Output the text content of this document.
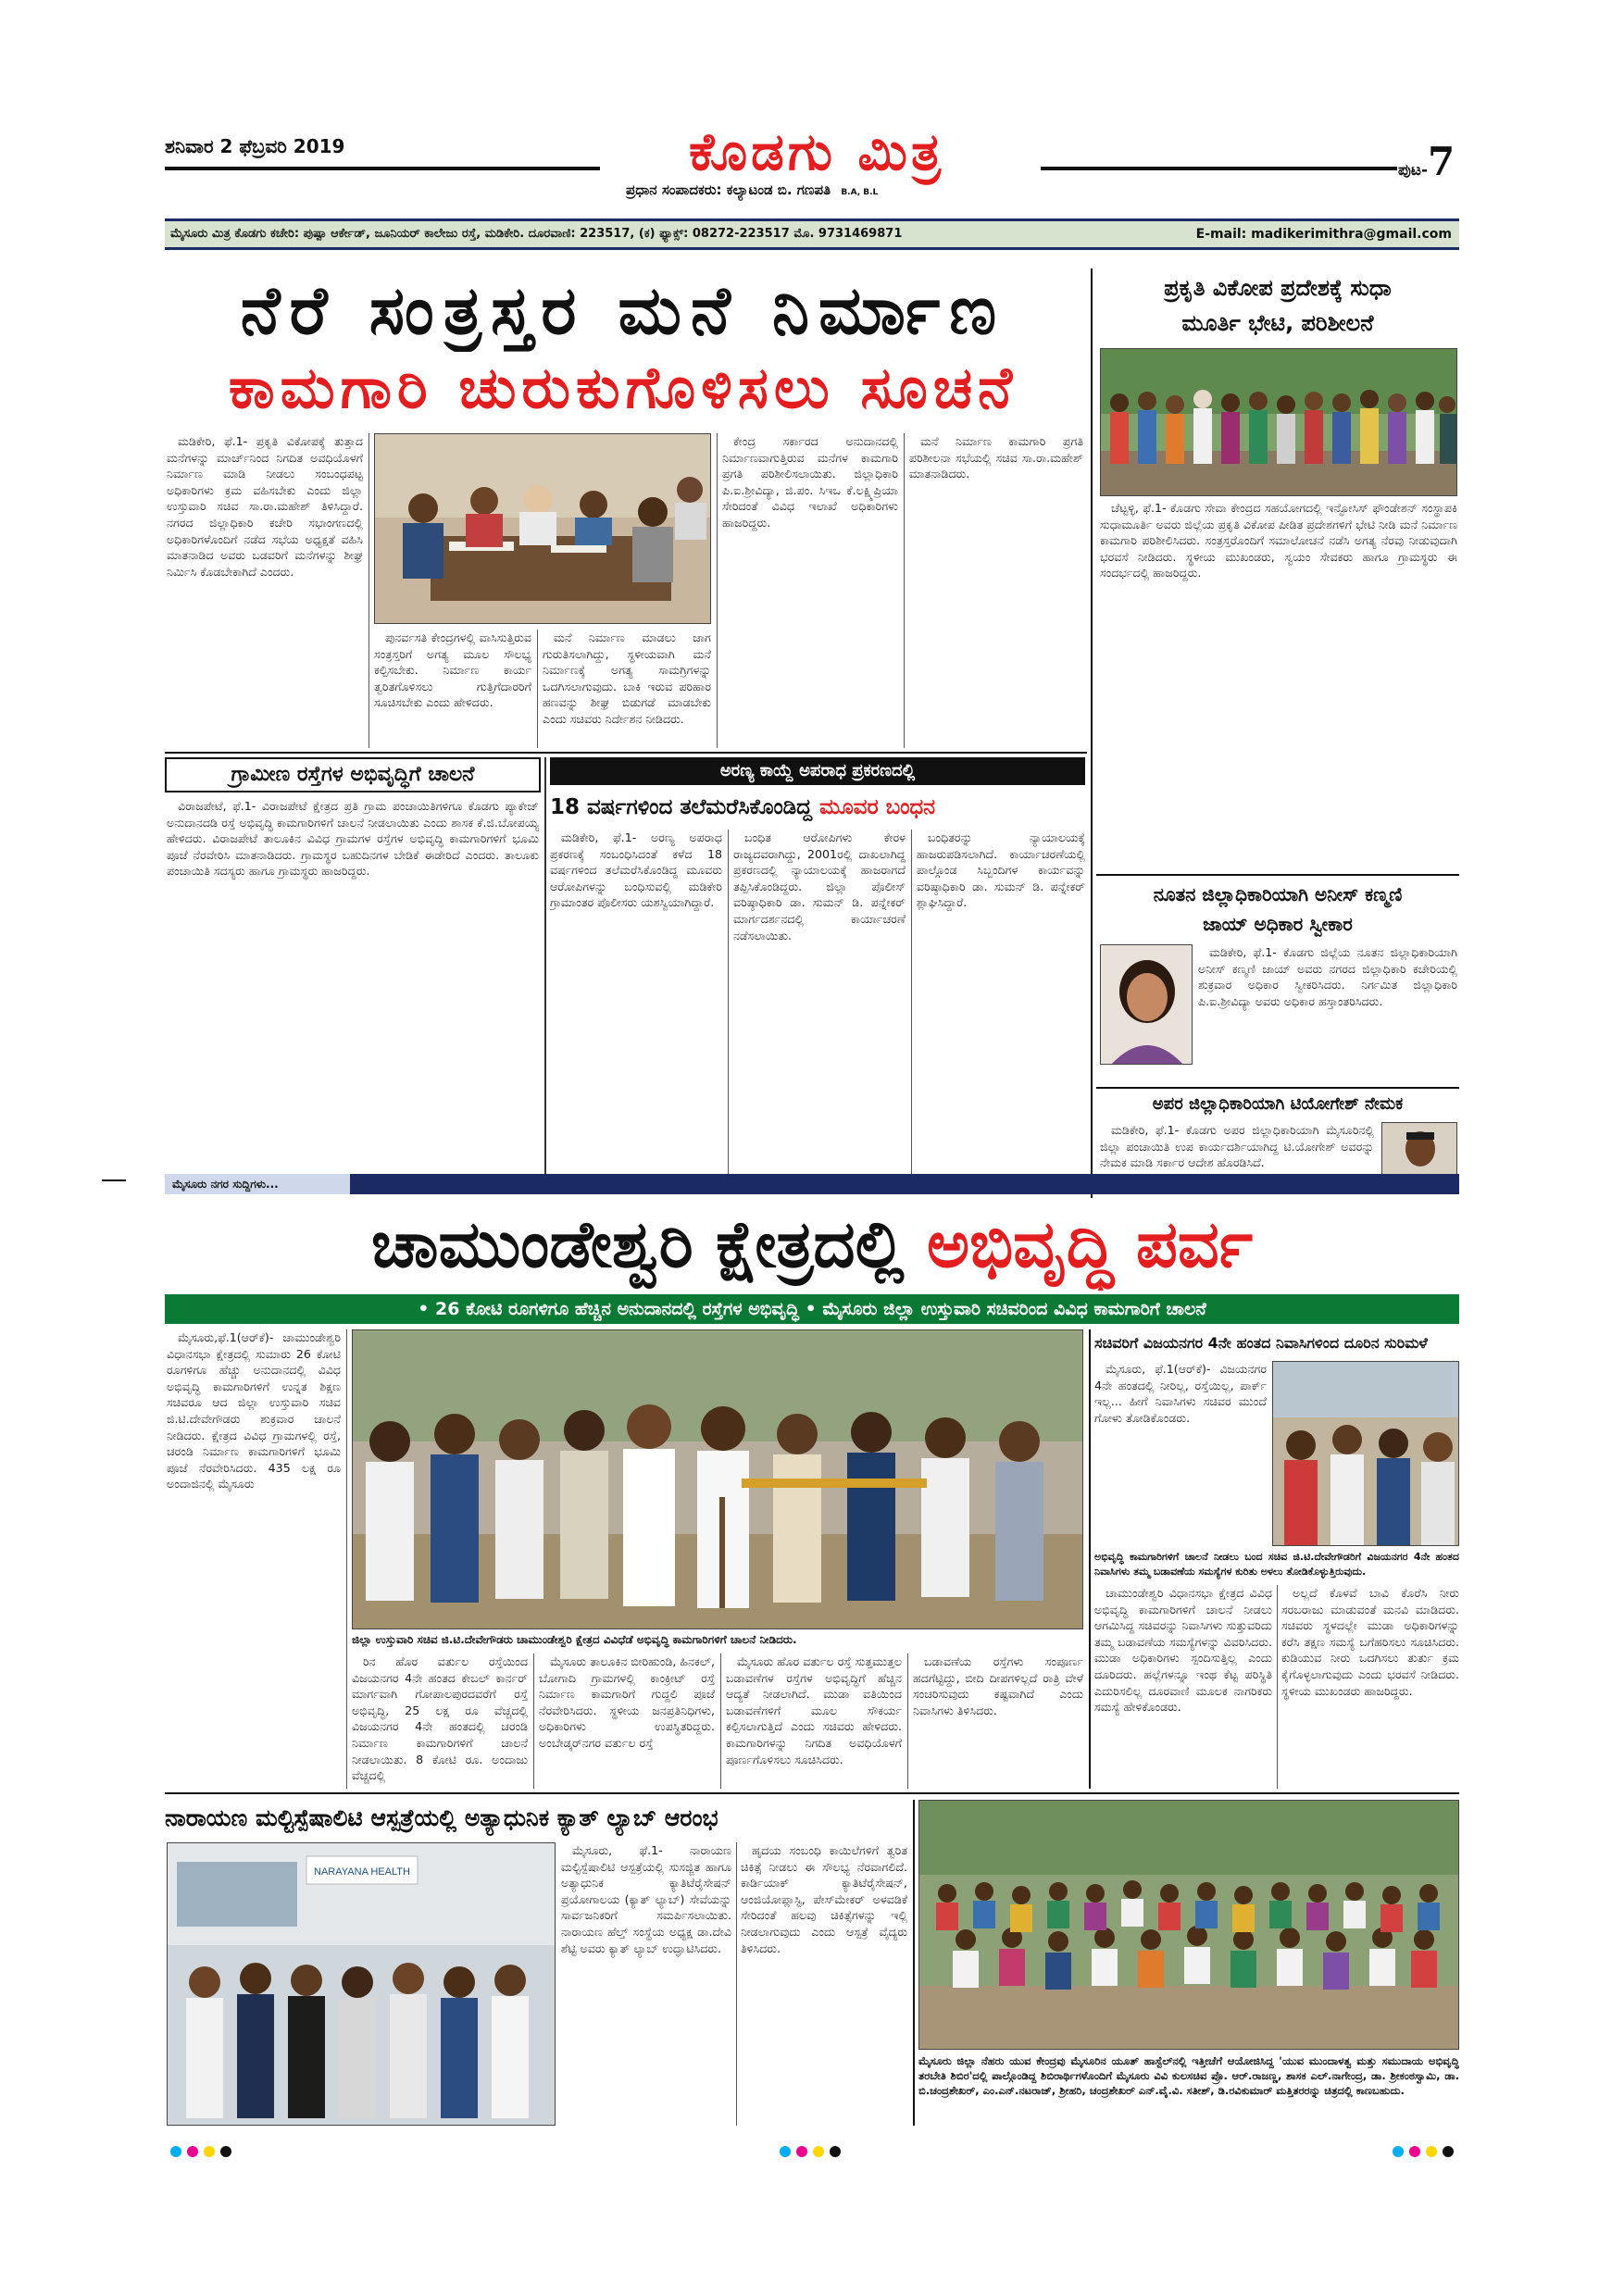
ಶನಿವಾರ 2 ಫೆಬ್ರವರಿ 2019	ಕೊಡಗು ಮಿತ್ರ
ಪ್ರಧಾನ ಸಂಪಾದಕರು: ಕಲ್ಯಾಟಂಡ ಬಿ. ಗಣಪತಿ B.A, B.L
ಪುಟ-7
ಮೈಸೂರು ಮಿತ್ರ ಕೊಡಗು ಕಚೇರಿ: ಪುಷ್ಪಾ ಆರ್ಕೇಡ್, ಜೂನಿಯರ್ ಕಾಲೇಜು ರಸ್ತೆ, ಮಡಿಕೇರಿ. ದೂರವಾಣಿ: 223517, (ಕ) ಫ್ಯಾಕ್ಸ್: 08272-223517 ಮೊ. 9731469871	E-mail: madikerimithra@gmail.com
ನೆರೆ ಸಂತ್ರಸ್ತರ ಮನೆ ನಿರ್ಮಾಣ
ಕಾಮಗಾರಿ ಚುರುಕುಗೊಳಿಸಲು ಸೂಚನೆ

ಮಡಿಕೇರಿ, ಫೆ.1- ಪ್ರಕೃತಿ ವಿಕೋಪಕ್ಕೆ ತುತ್ತಾದ ಮನೆಗಳನ್ನು ಮಾರ್ಚ್‌ನಿಂದ ನಿಗದಿತ ಅವಧಿಯೊಳಗೆ ನಿರ್ಮಾಣ ಮಾಡಿ ನೀಡಲು ಸಂಬಂಧಪಟ್ಟ ಅಧಿಕಾರಿಗಳು ಕ್ರಮ ವಹಿಸಬೇಕು ಎಂದು ಜಿಲ್ಲಾ ಉಸ್ತುವಾರಿ ಸಚಿವ ಸಾ.ರಾ.ಮಹೇಶ್ ತಿಳಿಸಿದ್ದಾರೆ. ನಗರದ ಜಿಲ್ಲಾಧಿಕಾರಿ ಕಚೇರಿ ಸಭಾಂಗಣದಲ್ಲಿ ಅಧಿಕಾರಿಗಳೊಂದಿಗೆ ನಡೆದ ಸಭೆಯ ಅಧ್ಯಕ್ಷತೆ ವಹಿಸಿ ಮಾತನಾಡಿದ ಅವರು ಬಡವರಿಗೆ ಮನೆಗಳನ್ನು ಶೀಘ್ರ ನಿರ್ಮಿಸಿ ಕೊಡಬೇಕಾಗಿದೆ ಎಂದರು.

ಪುನರ್ವಸತಿ ಕೇಂದ್ರಗಳಲ್ಲಿ ವಾಸಿಸುತ್ತಿರುವ ಸಂತ್ರಸ್ತರಿಗೆ ಅಗತ್ಯ ಮೂಲ ಸೌಲಭ್ಯ ಕಲ್ಪಿಸಬೇಕು. ನಿರ್ಮಾಣ ಕಾರ್ಯ ತ್ವರಿತಗೊಳಿಸಲು ಗುತ್ತಿಗೆದಾರರಿಗೆ ಸೂಚಿಸಬೇಕು ಎಂದು ಹೇಳಿದರು.

ಮನೆ ನಿರ್ಮಾಣ ಮಾಡಲು ಜಾಗ ಗುರುತಿಸಲಾಗಿದ್ದು, ಸ್ಥಳೀಯವಾಗಿ ಮನೆ ನಿರ್ಮಾಣಕ್ಕೆ ಅಗತ್ಯ ಸಾಮಗ್ರಿಗಳನ್ನು ಒದಗಿಸಲಾಗುವುದು. ಬಾಕಿ ಇರುವ ಪರಿಹಾರ ಹಣವನ್ನು ಶೀಘ್ರ ಬಿಡುಗಡೆ ಮಾಡಬೇಕು ಎಂದು ಸಚಿವರು ನಿರ್ದೇಶನ ನೀಡಿದರು.

ಕೇಂದ್ರ ಸರ್ಕಾರದ ಅನುದಾನದಲ್ಲಿ ನಿರ್ಮಾಣವಾಗುತ್ತಿರುವ ಮನೆಗಳ ಕಾಮಗಾರಿ ಪ್ರಗತಿ ಪರಿಶೀಲಿಸಲಾಯಿತು. ಜಿಲ್ಲಾಧಿಕಾರಿ ಪಿ.ಐ.ಶ್ರೀವಿದ್ಯಾ, ಜಿ.ಪಂ. ಸಿಇಒ ಕೆ.ಲಕ್ಷ್ಮಿಪ್ರಿಯಾ ಸೇರಿದಂತೆ ವಿವಿಧ ಇಲಾಖೆ ಅಧಿಕಾರಿಗಳು ಹಾಜರಿದ್ದರು.

ಮನೆ ನಿರ್ಮಾಣ ಕಾಮಗಾರಿ ಪ್ರಗತಿ ಪರಿಶೀಲನಾ ಸಭೆಯಲ್ಲಿ ಸಚಿವ ಸಾ.ರಾ.ಮಹೇಶ್ ಮಾತನಾಡಿದರು.

ಪ್ರಕೃತಿ ವಿಕೋಪ ಪ್ರದೇಶಕ್ಕೆ ಸುಧಾ
ಮೂರ್ತಿ ಭೇಟಿ, ಪರಿಶೀಲನೆ

ಚೆಟ್ಟಳ್ಳಿ, ಫೆ.1- ಕೊಡಗು ಸೇವಾ ಕೇಂದ್ರದ ಸಹಯೋಗದಲ್ಲಿ ಇನ್ಫೋಸಿಸ್ ಫೌಂಡೇಶನ್ ಸಂಸ್ಥಾಪಕಿ ಸುಧಾಮೂರ್ತಿ ಅವರು ಜಿಲ್ಲೆಯ ಪ್ರಕೃತಿ ವಿಕೋಪ ಪೀಡಿತ ಪ್ರದೇಶಗಳಿಗೆ ಭೇಟಿ ನೀಡಿ ಮನೆ ನಿರ್ಮಾಣ ಕಾಮಗಾರಿ ಪರಿಶೀಲಿಸಿದರು. ಸಂತ್ರಸ್ತರೊಂದಿಗೆ ಸಮಾಲೋಚನೆ ನಡೆಸಿ ಅಗತ್ಯ ನೆರವು ನೀಡುವುದಾಗಿ ಭರವಸೆ ನೀಡಿದರು. ಸ್ಥಳೀಯ ಮುಖಂಡರು, ಸ್ವಯಂ ಸೇವಕರು ಹಾಗೂ ಗ್ರಾಮಸ್ಥರು ಈ ಸಂದರ್ಭದಲ್ಲಿ ಹಾಜರಿದ್ದರು.

ಗ್ರಾಮೀಣ ರಸ್ತೆಗಳ ಅಭಿವೃದ್ಧಿಗೆ ಚಾಲನೆ

ವಿರಾಜಪೇಟೆ, ಫೆ.1- ವಿರಾಜಪೇಟೆ ಕ್ಷೇತ್ರದ ಪ್ರತಿ ಗ್ರಾಮ ಪಂಚಾಯಿತಿಗಳಿಗೂ ಕೊಡಗು ಪ್ಯಾಕೇಜ್ ಅನುದಾನದಡಿ ರಸ್ತೆ ಅಭಿವೃದ್ಧಿ ಕಾಮಗಾರಿಗಳಿಗೆ ಚಾಲನೆ ನೀಡಲಾಯಿತು ಎಂದು ಶಾಸಕ ಕೆ.ಜಿ.ಬೋಪಯ್ಯ ಹೇಳಿದರು. ವಿರಾಜಪೇಟೆ ತಾಲೂಕಿನ ವಿವಿಧ ಗ್ರಾಮಗಳ ರಸ್ತೆಗಳ ಅಭಿವೃದ್ಧಿ ಕಾಮಗಾರಿಗಳಿಗೆ ಭೂಮಿ ಪೂಜೆ ನೆರವೇರಿಸಿ ಮಾತನಾಡಿದರು. ಗ್ರಾಮಸ್ಥರ ಬಹುದಿನಗಳ ಬೇಡಿಕೆ ಈಡೇರಿದೆ ಎಂದರು. ತಾಲೂಕು ಪಂಚಾಯಿತಿ ಸದಸ್ಯರು ಹಾಗೂ ಗ್ರಾಮಸ್ಥರು ಹಾಜರಿದ್ದರು.

ಅರಣ್ಯ ಕಾಯ್ದೆ ಅಪರಾಧ ಪ್ರಕರಣದಲ್ಲಿ
18 ವರ್ಷಗಳಿಂದ ತಲೆಮರೆಸಿಕೊಂಡಿದ್ದ ಮೂವರ ಬಂಧನ

ಮಡಿಕೇರಿ, ಫೆ.1- ಅರಣ್ಯ ಅಪರಾಧ ಪ್ರಕರಣಕ್ಕೆ ಸಂಬಂಧಿಸಿದಂತೆ ಕಳೆದ 18 ವರ್ಷಗಳಿಂದ ತಲೆಮರೆಸಿಕೊಂಡಿದ್ದ ಮೂವರು ಆರೋಪಿಗಳನ್ನು ಬಂಧಿಸುವಲ್ಲಿ ಮಡಿಕೇರಿ ಗ್ರಾಮಾಂತರ ಪೊಲೀಸರು ಯಶಸ್ವಿಯಾಗಿದ್ದಾರೆ.

ಬಂಧಿತ ಆರೋಪಿಗಳು ಕೇರಳ ರಾಜ್ಯದವರಾಗಿದ್ದು, 2001ರಲ್ಲಿ ದಾಖಲಾಗಿದ್ದ ಪ್ರಕರಣದಲ್ಲಿ ನ್ಯಾಯಾಲಯಕ್ಕೆ ಹಾಜರಾಗದೆ ತಪ್ಪಿಸಿಕೊಂಡಿದ್ದರು. ಜಿಲ್ಲಾ ಪೊಲೀಸ್ ವರಿಷ್ಠಾಧಿಕಾರಿ ಡಾ. ಸುಮನ್ ಡಿ. ಪನ್ನೇಕರ್ ಮಾರ್ಗದರ್ಶನದಲ್ಲಿ ಕಾರ್ಯಾಚರಣೆ ನಡೆಸಲಾಯಿತು.

ಬಂಧಿತರನ್ನು ನ್ಯಾಯಾಲಯಕ್ಕೆ ಹಾಜರುಪಡಿಸಲಾಗಿದೆ. ಕಾರ್ಯಾಚರಣೆಯಲ್ಲಿ ಪಾಲ್ಗೊಂಡ ಸಿಬ್ಬಂದಿಗಳ ಕಾರ್ಯವನ್ನು ವರಿಷ್ಠಾಧಿಕಾರಿ ಡಾ. ಸುಮನ್ ಡಿ. ಪನ್ನೇಕರ್ ಶ್ಲಾಘಿಸಿದ್ದಾರೆ.	ನೂತನ ಜಿಲ್ಲಾಧಿಕಾರಿಯಾಗಿ ಅನೀಸ್ ಕಣ್ಮಣಿ
ಜಾಯ್ ಅಧಿಕಾರ ಸ್ವೀಕಾರ

ಮಡಿಕೇರಿ, ಫೆ.1- ಕೊಡಗು ಜಿಲ್ಲೆಯ ನೂತನ ಜಿಲ್ಲಾಧಿಕಾರಿಯಾಗಿ ಅನೀಸ್ ಕಣ್ಮಣಿ ಜಾಯ್ ಅವರು ನಗರದ ಜಿಲ್ಲಾಧಿಕಾರಿ ಕಚೇರಿಯಲ್ಲಿ ಶುಕ್ರವಾರ ಅಧಿಕಾರ ಸ್ವೀಕರಿಸಿದರು. ನಿರ್ಗಮಿತ ಜಿಲ್ಲಾಧಿಕಾರಿ ಪಿ.ಐ.ಶ್ರೀವಿದ್ಯಾ ಅವರು ಅಧಿಕಾರ ಹಸ್ತಾಂತರಿಸಿದರು.

ಅಪರ ಜಿಲ್ಲಾಧಿಕಾರಿಯಾಗಿ ಟಿಯೋಗೇಶ್ ನೇಮಕ

ಮಡಿಕೇರಿ, ಫೆ.1- ಕೊಡಗು ಅಪರ ಜಿಲ್ಲಾಧಿಕಾರಿಯಾಗಿ ಮೈಸೂರಿನಲ್ಲಿ ಜಿಲ್ಲಾ ಪಂಚಾಯಿತಿ ಉಪ ಕಾರ್ಯದರ್ಶಿಯಾಗಿದ್ದ ಟಿ.ಯೋಗೇಶ್ ಅವರನ್ನು ನೇಮಕ ಮಾಡಿ ಸರ್ಕಾರ ಆದೇಶ ಹೊರಡಿಸಿದೆ.

ಮೈಸೂರು ನಗರ ಸುದ್ದಿಗಳು...
ಚಾಮುಂಡೇಶ್ವರಿ ಕ್ಷೇತ್ರದಲ್ಲಿ ಅಭಿವೃದ್ಧಿ ಪರ್ವ
• 26 ಕೋಟಿ ರೂಗಳಿಗೂ ಹೆಚ್ಚಿನ ಅನುದಾನದಲ್ಲಿ ರಸ್ತೆಗಳ ಅಭಿವೃದ್ಧಿ • ಮೈಸೂರು ಜಿಲ್ಲಾ ಉಸ್ತುವಾರಿ ಸಚಿವರಿಂದ ವಿವಿಧ ಕಾಮಗಾರಿಗೆ ಚಾಲನೆ

ಮೈಸೂರು,ಫೆ.1(ಆರ್‌ಕೆ)- ಚಾಮುಂಡೇಶ್ವರಿ ವಿಧಾನಸಭಾ ಕ್ಷೇತ್ರದಲ್ಲಿ ಸುಮಾರು 26 ಕೋಟಿ ರೂಗಳಿಗೂ ಹೆಚ್ಚು ಅನುದಾನದಲ್ಲಿ ವಿವಿಧ ಅಭಿವೃದ್ಧಿ ಕಾಮಗಾರಿಗಳಿಗೆ ಉನ್ನತ ಶಿಕ್ಷಣ ಸಚಿವರೂ ಆದ ಜಿಲ್ಲಾ ಉಸ್ತುವಾರಿ ಸಚಿವ ಜಿ.ಟಿ.ದೇವೇಗೌಡರು ಶುಕ್ರವಾರ ಚಾಲನೆ ನೀಡಿದರು. ಕ್ಷೇತ್ರದ ವಿವಿಧ ಗ್ರಾಮಗಳಲ್ಲಿ ರಸ್ತೆ, ಚರಂಡಿ ನಿರ್ಮಾಣ ಕಾಮಗಾರಿಗಳಿಗೆ ಭೂಮಿ ಪೂಜೆ ನೆರವೇರಿಸಿದರು. 435 ಲಕ್ಷ ರೂ ಅಂದಾಜಿನಲ್ಲಿ ಮೈಸೂರು

ಜಿಲ್ಲಾ ಉಸ್ತುವಾರಿ ಸಚಿವ ಜಿ.ಟಿ.ದೇವೇಗೌಡರು ಚಾಮುಂಡೇಶ್ವರಿ ಕ್ಷೇತ್ರದ ವಿವಿಧೆಡೆ ಅಭಿವೃದ್ಧಿ ಕಾಮಗಾರಿಗಳಿಗೆ ಚಾಲನೆ ನೀಡಿದರು.

ರಿನ ಹೊರ ವರ್ತುಲ ರಸ್ತೆಯಿಂದ ವಿಜಯನಗರ 4ನೇ ಹಂತದ ಕೇಬಲ್ ಕಾರ್ನರ್ ಮಾರ್ಗವಾಗಿ ಗೋಪಾಲಪುರದವರೆಗೆ ರಸ್ತೆ ಅಭಿವೃದ್ಧಿ, 25 ಲಕ್ಷ ರೂ ವೆಚ್ಚದಲ್ಲಿ ವಿಜಯನಗರ 4ನೇ ಹಂತದಲ್ಲಿ ಚರಂಡಿ ನಿರ್ಮಾಣ ಕಾಮಗಾರಿಗಳಿಗೆ ಚಾಲನೆ ನೀಡಲಾಯಿತು. 8 ಕೋಟಿ ರೂ. ಅಂದಾಜು ವೆಚ್ಚದಲ್ಲಿ

ಮೈಸೂರು ತಾಲೂಕಿನ ಬೀರಿಹುಂಡಿ, ಹಿನಕಲ್, ಬೋಗಾದಿ ಗ್ರಾಮಗಳಲ್ಲಿ ಕಾಂಕ್ರೀಟ್ ರಸ್ತೆ ನಿರ್ಮಾಣ ಕಾಮಗಾರಿಗೆ ಗುದ್ದಲಿ ಪೂಜೆ ನೆರವೇರಿಸಿದರು. ಸ್ಥಳೀಯ ಜನಪ್ರತಿನಿಧಿಗಳು, ಅಧಿಕಾರಿಗಳು ಉಪಸ್ಥಿತರಿದ್ದರು. ಅಂಬೇಡ್ಕರ್‌ನಗರ ವರ್ತುಲ ರಸ್ತೆ

ಮೈಸೂರು ಹೊರ ವರ್ತುಲ ರಸ್ತೆ ಸುತ್ತಮುತ್ತಲ ಬಡಾವಣೆಗಳ ರಸ್ತೆಗಳ ಅಭಿವೃದ್ಧಿಗೆ ಹೆಚ್ಚಿನ ಆದ್ಯತೆ ನೀಡಲಾಗಿದೆ. ಮುಡಾ ವತಿಯಿಂದ ಬಡಾವಣೆಗಳಿಗೆ ಮೂಲ ಸೌಕರ್ಯ ಕಲ್ಪಿಸಲಾಗುತ್ತಿದೆ ಎಂದು ಸಚಿವರು ಹೇಳಿದರು. ಕಾಮಗಾರಿಗಳನ್ನು ನಿಗದಿತ ಅವಧಿಯೊಳಗೆ ಪೂರ್ಣಗೊಳಿಸಲು ಸೂಚಿಸಿದರು.

ಬಡಾವಣೆಯ ರಸ್ತೆಗಳು ಸಂಪೂರ್ಣ ಹದಗೆಟ್ಟಿದ್ದು, ಬೀದಿ ದೀಪಗಳಿಲ್ಲದೆ ರಾತ್ರಿ ವೇಳೆ ಸಂಚರಿಸುವುದು ಕಷ್ಟವಾಗಿದೆ ಎಂದು ನಿವಾಸಿಗಳು ತಿಳಿಸಿದರು.

ಸಚಿವರಿಗೆ ವಿಜಯನಗರ 4ನೇ ಹಂತದ ನಿವಾಸಿಗಳಿಂದ ದೂರಿನ ಸುರಿಮಳೆ

ಮೈಸೂರು, ಫೆ.1(ಆರ್‌ಕೆ)- ವಿಜಯನಗರ 4ನೇ ಹಂತದಲ್ಲಿ ನೀರಿಲ್ಲ, ರಸ್ತೆಯಿಲ್ಲ, ಪಾರ್ಕ್ ಇಲ್ಲ... ಹೀಗೆ ನಿವಾಸಿಗಳು ಸಚಿವರ ಮುಂದೆ ಗೋಳು ತೋಡಿಕೊಂಡರು.

ಅಭಿವೃದ್ಧಿ ಕಾಮಗಾರಿಗಳಿಗೆ ಚಾಲನೆ ನೀಡಲು ಬಂದ ಸಚಿವ ಜಿ.ಟಿ.ದೇವೇಗೌಡರಿಗೆ ವಿಜಯನಗರ 4ನೇ ಹಂತದ ನಿವಾಸಿಗಳು ತಮ್ಮ ಬಡಾವಣೆಯ ಸಮಸ್ಯೆಗಳ ಕುರಿತು ಅಳಲು ತೋಡಿಕೊಳ್ಳುತ್ತಿರುವುದು.

ಚಾಮುಂಡೇಶ್ವರಿ ವಿಧಾನಸಭಾ ಕ್ಷೇತ್ರದ ವಿವಿಧ ಅಭಿವೃದ್ಧಿ ಕಾಮಗಾರಿಗಳಿಗೆ ಚಾಲನೆ ನೀಡಲು ಆಗಮಿಸಿದ್ದ ಸಚಿವರನ್ನು ನಿವಾಸಿಗಳು ಸುತ್ತುವರಿದು ತಮ್ಮ ಬಡಾವಣೆಯ ಸಮಸ್ಯೆಗಳನ್ನು ವಿವರಿಸಿದರು. ಮುಡಾ ಅಧಿಕಾರಿಗಳು ಸ್ಪಂದಿಸುತ್ತಿಲ್ಲ ಎಂದು ದೂರಿದರು. ಹಲ್ಲೆಗಳನ್ನೂ ಇಂಥ ಕೆಟ್ಟ ಪರಿಸ್ಥಿತಿ ಎದುರಿಸಲಿಲ್ಲ ದೂರವಾಣಿ ಮೂಲಕ ನಾಗರಿಕರು ಸಮಸ್ಯೆ ಹೇಳಿಕೊಂಡರು.

ಅಲ್ಲದೆ ಕೊಳವೆ ಬಾವಿ ಕೊರೆಸಿ ನೀರು ಸರಬರಾಜು ಮಾಡುವಂತೆ ಮನವಿ ಮಾಡಿದರು. ಸಚಿವರು ಸ್ಥಳದಲ್ಲೇ ಮುಡಾ ಅಧಿಕಾರಿಗಳನ್ನು ಕರೆಸಿ ತಕ್ಷಣ ಸಮಸ್ಯೆ ಬಗೆಹರಿಸಲು ಸೂಚಿಸಿದರು. ಕುಡಿಯುವ ನೀರು ಒದಗಿಸಲು ತುರ್ತು ಕ್ರಮ ಕೈಗೊಳ್ಳಲಾಗುವುದು ಎಂದು ಭರವಸೆ ನೀಡಿದರು. ಸ್ಥಳೀಯ ಮುಖಂಡರು ಹಾಜರಿದ್ದರು.

ನಾರಾಯಣ ಮಲ್ಟಿಸ್ಪೆಷಾಲಿಟಿ ಆಸ್ಪತ್ರೆಯಲ್ಲಿ ಅತ್ಯಾಧುನಿಕ ಕ್ಯಾತ್ ಲ್ಯಾಬ್ ಆರಂಭ
NARAYANA HEALTH

ಮೈಸೂರು, ಫೆ.1- ನಾರಾಯಣ ಮಲ್ಟಿಸ್ಪೆಷಾಲಿಟಿ ಆಸ್ಪತ್ರೆಯಲ್ಲಿ ಸುಸಜ್ಜಿತ ಹಾಗೂ ಅತ್ಯಾಧುನಿಕ ಕ್ಯಾತಿಟೆರೈಸೇಷನ್ ಪ್ರಯೋಗಾಲಯ (ಕ್ಯಾತ್ ಲ್ಯಾಬ್) ಸೇವೆಯನ್ನು ಸಾರ್ವಜನಿಕರಿಗೆ ಸಮರ್ಪಿಸಲಾಯಿತು. ನಾರಾಯಣ ಹೆಲ್ತ್ ಸಂಸ್ಥೆಯ ಅಧ್ಯಕ್ಷ ಡಾ.ದೇವಿ ಶೆಟ್ಟಿ ಅವರು ಕ್ಯಾತ್ ಲ್ಯಾಬ್ ಉದ್ಘಾಟಿಸಿದರು.

ಹೃದಯ ಸಂಬಂಧಿ ಕಾಯಿಲೆಗಳಿಗೆ ತ್ವರಿತ ಚಿಕಿತ್ಸೆ ನೀಡಲು ಈ ಸೌಲಭ್ಯ ನೆರವಾಗಲಿದೆ. ಕಾರ್ಡಿಯಾಕ್ ಕ್ಯಾತಿಟೆರೈಸೇಷನ್, ಆಂಜಿಯೋಪ್ಲಾಸ್ಟಿ, ಪೇಸ್‌ಮೇಕರ್ ಅಳವಡಿಕೆ ಸೇರಿದಂತೆ ಹಲವು ಚಿಕಿತ್ಸೆಗಳನ್ನು ಇಲ್ಲಿ ನೀಡಲಾಗುವುದು ಎಂದು ಆಸ್ಪತ್ರೆ ವೈದ್ಯರು ತಿಳಿಸಿದರು.

ಮೈಸೂರು ಜಿಲ್ಲಾ ನೆಹರು ಯುವ ಕೇಂದ್ರವು ಮೈಸೂರಿನ ಯೂತ್ ಹಾಸ್ಟೆಲ್‌ನಲ್ಲಿ ಇತ್ತೀಚೆಗೆ ಆಯೋಜಿಸಿದ್ದ 'ಯುವ ಮುಂದಾಳತ್ವ ಮತ್ತು ಸಮುದಾಯ ಅಭಿವೃದ್ಧಿ ತರಬೇತಿ ಶಿಬಿರ'ದಲ್ಲಿ ಪಾಲ್ಗೊಂಡಿದ್ದ ಶಿಬಿರಾರ್ಥಿಗಳೊಂದಿಗೆ ಮೈಸೂರು ವಿವಿ ಕುಲಸಚಿವ ಪ್ರೊ. ಆರ್.ರಾಜಣ್ಣ, ಶಾಸಕ ಎಲ್.ನಾಗೇಂದ್ರ, ಡಾ. ಶ್ರೀಕಂಠಸ್ವಾಮಿ, ಡಾ. ಬಿ.ಚಂದ್ರಶೇಖರ್, ಎಂ.ಎನ್.ನಟರಾಜ್, ಶ್ರೀಹರಿ, ಚಂದ್ರಶೇಖರ್ ಎನ್.ವೈ.ವಿ. ಸತೀಶ್, ಡಿ.ರವಿಕುಮಾರ್ ಮತ್ತಿತರರನ್ನು ಚಿತ್ರದಲ್ಲಿ ಕಾಣಬಹುದು.
